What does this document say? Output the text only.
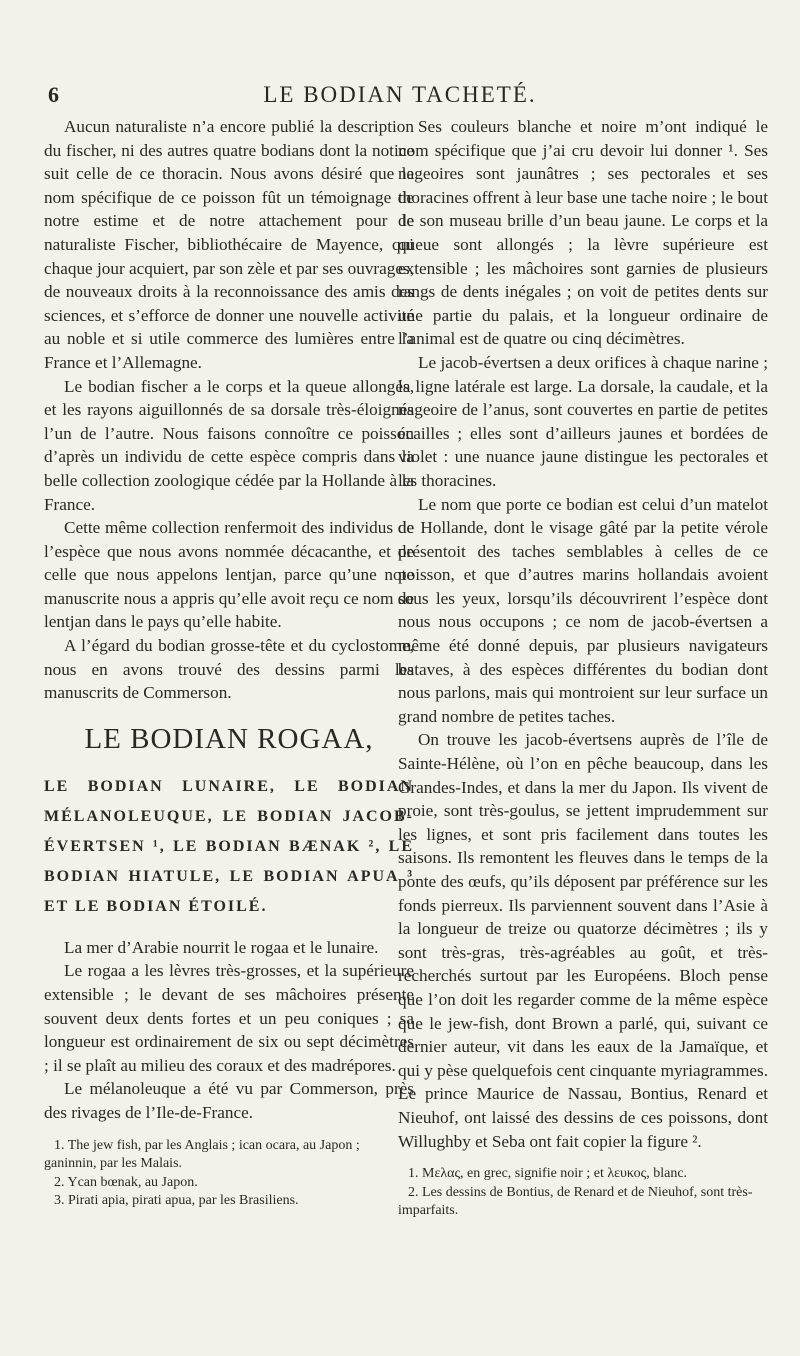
6	LE BODIAN TACHETÉ.

Aucun naturaliste n’a encore publié la description du fischer, ni des autres quatre bodians dont la notice suit celle de ce thoracin. Nous avons désiré que le nom spécifique de ce poisson fût un témoignage de notre estime et de notre attachement pour le naturaliste Fischer, bibliothécaire de Mayence, qui chaque jour acquiert, par son zèle et par ses ouvrages, de nouveaux droits à la reconnoissance des amis des sciences, et s’efforce de donner une nouvelle activité au noble et si utile commerce des lumières entre la France et l’Allemagne.

Le bodian fischer a le corps et la queue allongés, et les rayons aiguillonnés de sa dorsale très-éloignés l’un de l’autre. Nous faisons connoître ce poisson d’après un individu de cette espèce compris dans la belle collection zoologique cédée par la Hollande à la France.

Cette même collection renfermoit des individus de l’espèce que nous avons nommée décacanthe, et de celle que nous appelons lentjan, parce qu’une note manuscrite nous a appris qu’elle avoit reçu ce nom de lentjan dans le pays qu’elle habite.

A l’égard du bodian grosse-tête et du cyclostome, nous en avons trouvé des dessins parmi les manuscrits de Commerson.

LE BODIAN ROGAA,
LE BODIAN LUNAIRE, LE BODIAN MÉLANOLEUQUE, LE BODIAN JACOB-ÉVERTSEN ¹, LE BODIAN BÆNAK ², LE BODIAN HIATULE, LE BODIAN APUA ³ ET LE BODIAN ÉTOILÉ.

La mer d’Arabie nourrit le rogaa et le lunaire.

Le rogaa a les lèvres très-grosses, et la supérieure extensible ; le devant de ses mâchoires présente souvent deux dents fortes et un peu coniques ; sa longueur est ordinairement de six ou sept décimètres ; il se plaît au milieu des coraux et des madrépores.

Le mélanoleuque a été vu par Commerson, près des rivages de l’Ile-de-France.

1. The jew fish, par les Anglais ; ican ocara, au Japon ; ganinnin, par les Malais.
2. Ycan bœnak, au Japon.
3. Pirati apia, pirati apua, par les Brasiliens.

Ses couleurs blanche et noire m’ont indiqué le nom spécifique que j’ai cru devoir lui donner ¹. Ses nageoires sont jaunâtres ; ses pectorales et ses thoracines offrent à leur base une tache noire ; le bout de son museau brille d’un beau jaune. Le corps et la queue sont allongés ; la lèvre supérieure est extensible ; les mâchoires sont garnies de plusieurs rangs de dents inégales ; on voit de petites dents sur une partie du palais, et la longueur ordinaire de l’animal est de quatre ou cinq décimètres.

Le jacob-évertsen a deux orifices à chaque narine ; la ligne latérale est large. La dorsale, la caudale, et la nageoire de l’anus, sont couvertes en partie de petites écailles ; elles sont d’ailleurs jaunes et bordées de violet : une nuance jaune distingue les pectorales et les thoracines.

Le nom que porte ce bodian est celui d’un matelot de Hollande, dont le visage gâté par la petite vérole présentoit des taches semblables à celles de ce poisson, et que d’autres marins hollandais avoient sous les yeux, lorsqu’ils découvrirent l’espèce dont nous nous occupons ; ce nom de jacob-évertsen a même été donné depuis, par plusieurs navigateurs bataves, à des espèces différentes du bodian dont nous parlons, mais qui montroient sur leur surface un grand nombre de petites taches.

On trouve les jacob-évertsens auprès de l’île de Sainte-Hélène, où l’on en pêche beaucoup, dans les Grandes-Indes, et dans la mer du Japon. Ils vivent de proie, sont très-goulus, se jettent imprudemment sur les lignes, et sont pris facilement dans toutes les saisons. Ils remontent les fleuves dans le temps de la ponte des œufs, qu’ils déposent par préférence sur les fonds pierreux. Ils parviennent souvent dans l’Asie à la longueur de treize ou quatorze décimètres ; ils y sont très-gras, très-agréables au goût, et très-recherchés surtout par les Européens. Bloch pense que l’on doit les regarder comme de la même espèce que le jew-fish, dont Brown a parlé, qui, suivant ce dernier auteur, vit dans les eaux de la Jamaïque, et qui y pèse quelquefois cent cinquante myriagrammes. Le prince Maurice de Nassau, Bontius, Renard et Nieuhof, ont laissé des dessins de ces poissons, dont Willughby et Seba ont fait copier la figure ².

1. Μελας, en grec, signifie noir ; et λευκος, blanc.
2. Les dessins de Bontius, de Renard et de Nieuhof, sont très-imparfaits.
